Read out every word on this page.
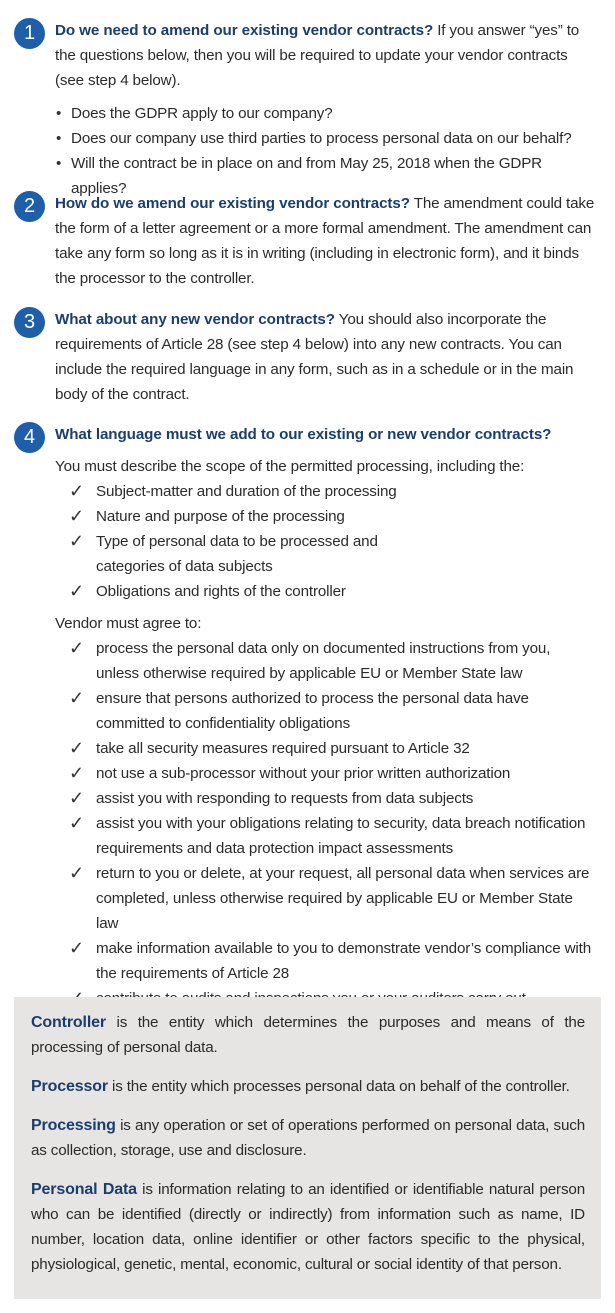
1	Do we need to amend our existing vendor contracts? If you answer “yes” to the questions below, then you will be required to update your vendor contracts (see step 4 below).

• Does the GDPR apply to our company?
• Does our company use third parties to process personal data on our behalf?
• Will the contract be in place on and from May 25, 2018 when the GDPR applies?
2	How do we amend our existing vendor contracts? The amendment could take the form of a letter agreement or a more formal amendment. The amendment can take any form so long as it is in writing (including in electronic form), and it binds the processor to the controller.

3	What about any new vendor contracts? You should also incorporate the requirements of Article 28 (see step 4 below) into any new contracts. You can include the required language in any form, such as in a schedule or in the main body of the contract.

4	What language must we add to our existing or new vendor contracts?

You must describe the scope of the permitted processing, including the:

✓ Subject-matter and duration of the processing
✓ Nature and purpose of the processing
✓ Type of personal data to be processed and categories of data subjects
✓ Obligations and rights of the controller

Vendor must agree to:

✓ process the personal data only on documented instructions from you, unless otherwise required by applicable EU or Member State law
✓ ensure that persons authorized to process the personal data have committed to confidentiality obligations
✓ take all security measures required pursuant to Article 32
✓ not use a sub-processor without your prior written authorization
✓ assist you with responding to requests from data subjects
✓ assist you with your obligations relating to security, data breach notification requirements and data protection impact assessments
✓ return to you or delete, at your request, all personal data when services are completed, unless otherwise required by applicable EU or Member State law
✓ make information available to you to demonstrate vendor’s compliance with the requirements of Article 28

Controller is the entity which determines the purposes and means of the processing of personal data.

Processor is the entity which processes personal data on behalf of the controller.

Processing is any operation or set of operations performed on personal data, such as collection, storage, use and disclosure.

Personal Data is information relating to an identified or identifiable natural person who can be identified (directly or indirectly) from information such as name, ID number, location data, online identifier or other factors specific to the physical, physiological, genetic, mental, economic, cultural or social identity of that person.
